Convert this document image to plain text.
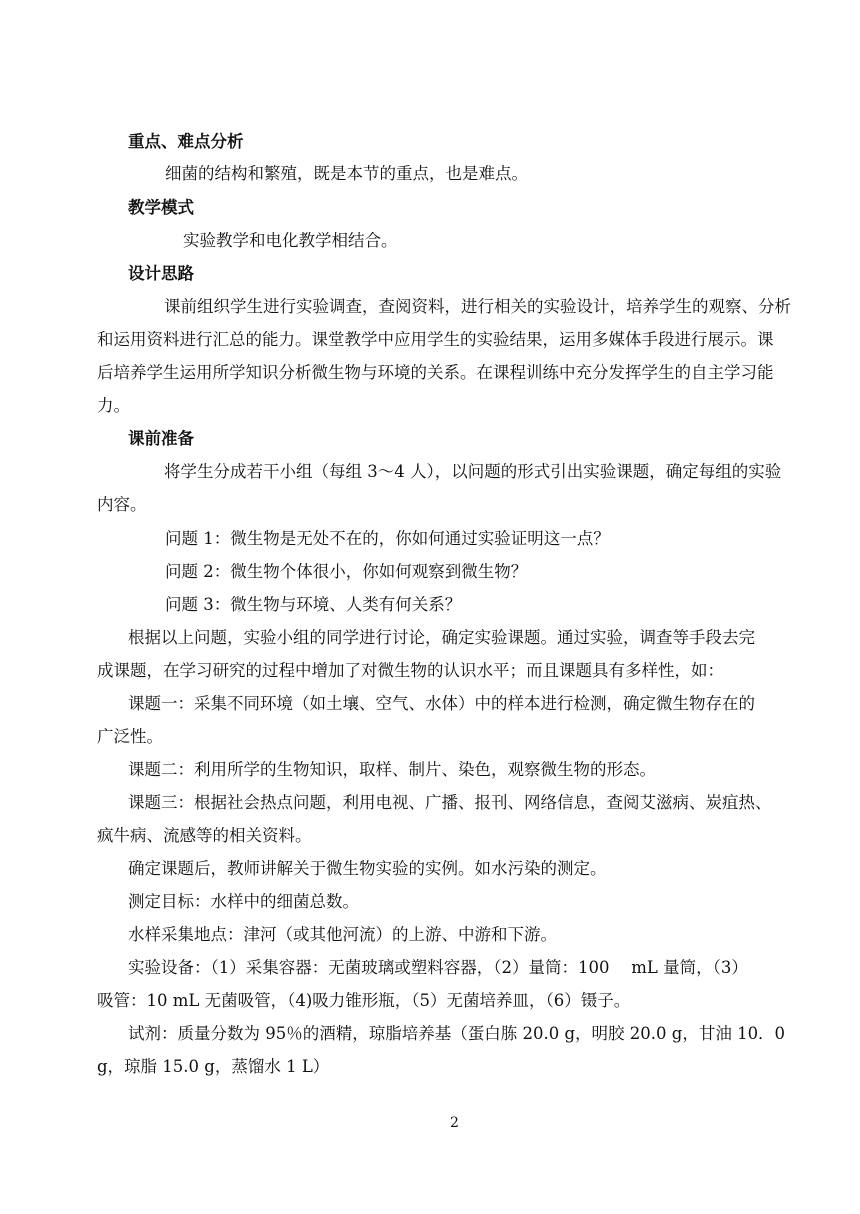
重点、难点分析
细菌的结构和繁殖，既是本节的重点，也是难点。
教学模式
实验教学和电化教学相结合。
设计思路
课前组织学生进行实验调查，查阅资料，进行相关的实验设计，培养学生的观察、分析
和运用资料进行汇总的能力。课堂教学中应用学生的实验结果，运用多媒体手段进行展示。课
后培养学生运用所学知识分析微生物与环境的关系。在课程训练中充分发挥学生的自主学习能
力。
课前准备
将学生分成若干小组（每组 3～4 人），以问题的形式引出实验课题，确定每组的实验
内容。
问题 1：微生物是无处不在的，你如何通过实验证明这一点？
问题 2：微生物个体很小，你如何观察到微生物？
问题 3：微生物与环境、人类有何关系？
根据以上问题，实验小组的同学进行讨论，确定实验课题。通过实验，调查等手段去完
成课题，在学习研究的过程中增加了对微生物的认识水平；而且课题具有多样性，如：
课题一：采集不同环境（如土壤、空气、水体）中的样本进行检测，确定微生物存在的
广泛性。
课题二：利用所学的生物知识，取样、制片、染色，观察微生物的形态。
课题三：根据社会热点问题，利用电视、广播、报刊、网络信息，查阅艾滋病、炭疽热、
疯牛病、流感等的相关资料。
确定课题后，教师讲解关于微生物实验的实例。如水污染的测定。
测定目标：水样中的细菌总数。
水样采集地点：津河（或其他河流）的上游、中游和下游。
实验设备：（1）采集容器：无菌玻璃或塑料容器，（2）量筒：100　 mL 量筒，（3）
吸管：10 mL 无菌吸管，（4)吸力锥形瓶，（5）无菌培养皿，（6）镊子。
试剂：质量分数为 95％的酒精，琼脂培养基（蛋白胨 20.0 g，明胶 20.0 g，甘油 10．0
g，琼脂 15.0 g，蒸馏水 1 L）
2
